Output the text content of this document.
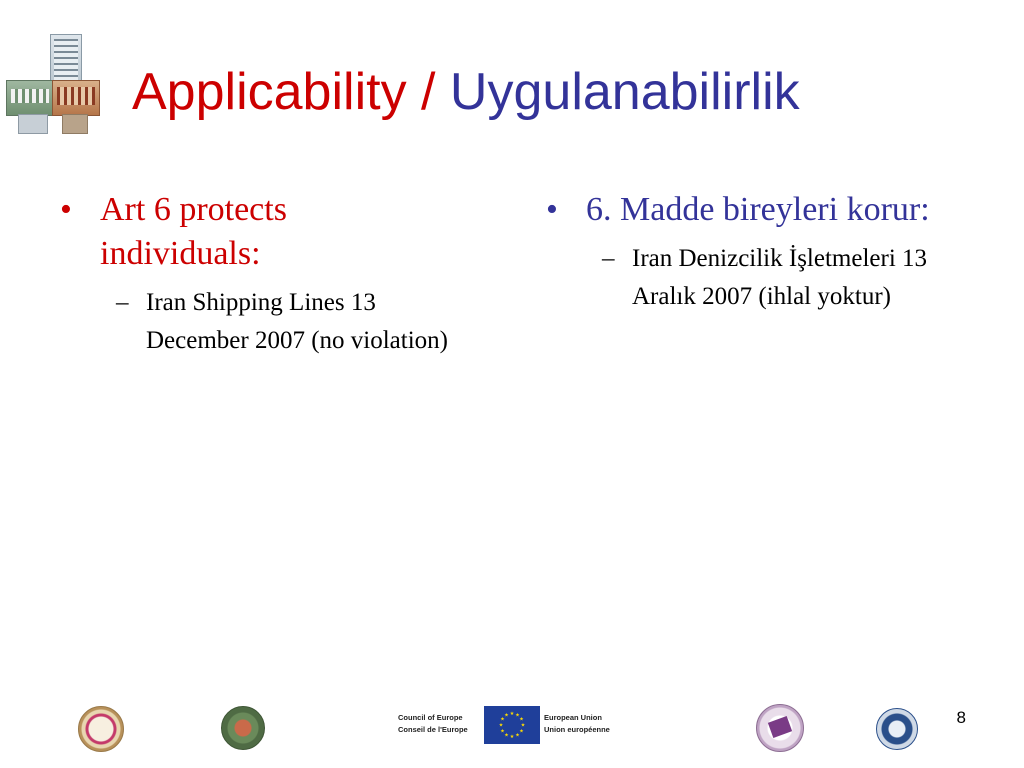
Applicability / Uygulanabilirlik
• Art 6 protects individuals:
– Iran Shipping Lines 13 December 2007 (no violation)
• 6. Madde bireyleri korur:
– Iran Denizcilik İşletmeleri 13 Aralık 2007 (ihlal yoktur)
Council of Europe
Conseil de l'Europe
★ ★
★
★
★
★
★
★
★
★
★
★	European Union
Union européenne
8
